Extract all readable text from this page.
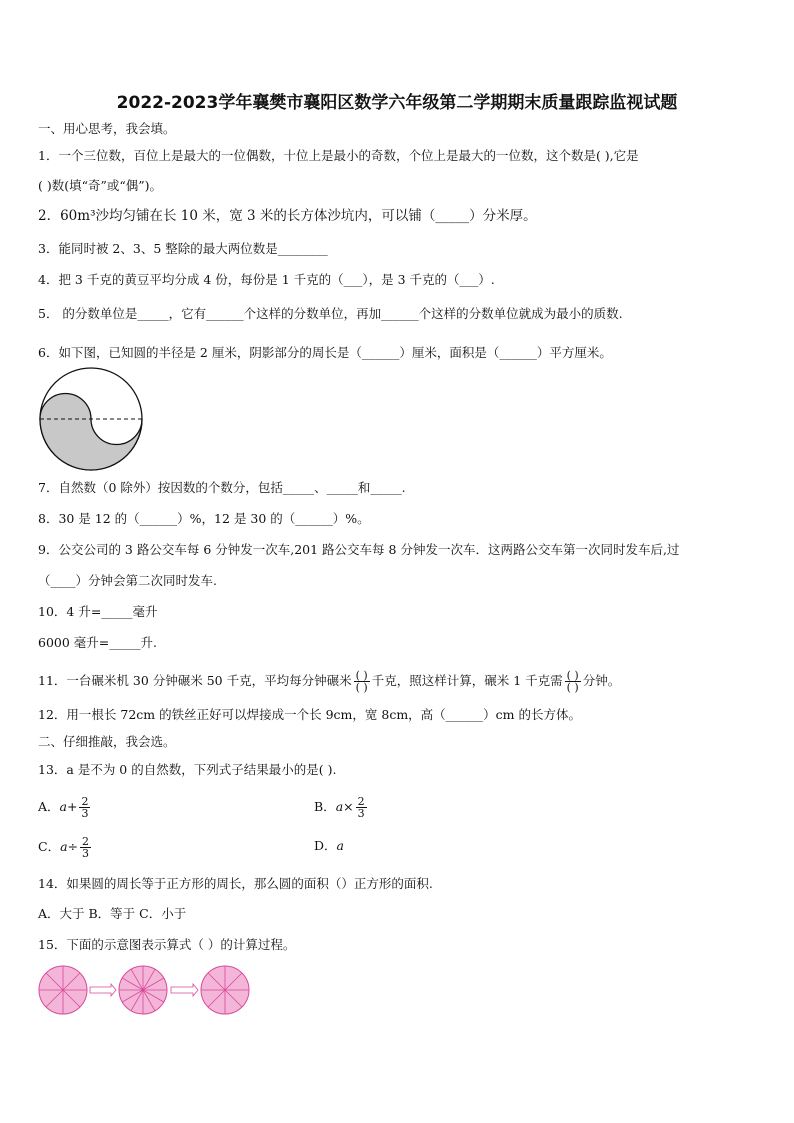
2022-2023学年襄樊市襄阳区数学六年级第二学期期末质量跟踪监视试题
一、用心思考，我会填。
1．一个三位数，百位上是最大的一位偶数，十位上是最小的奇数，个位上是最大的一位数，这个数是( ),它是
( )数(填“奇”或“偶”)。
2．60m³沙均匀铺在长 10 米，宽 3 米的长方体沙坑内，可以铺（_____）分米厚。
3．能同时被 2、3、5 整除的最大两位数是________
4．把 3 千克的黄豆平均分成 4 份，每份是 1 千克的（___），是 3 千克的（___）.
5． 的分数单位是_____，它有______个这样的分数单位，再加______个这样的分数单位就成为最小的质数.
6．如下图，已知圆的半径是 2 厘米，阴影部分的周长是（______）厘米，面积是（______）平方厘米。
7．自然数（0 除外）按因数的个数分，包括_____、_____和_____.
8．30 是 12 的（______）%，12 是 30 的（______）%。
9．公交公司的 3 路公交车每 6 分钟发一次车,201 路公交车每 8 分钟发一次车．这两路公交车第一次同时发车后,过
（____）分钟会第二次同时发车.
10．4 升=_____毫升
6000 毫升=_____升.
11．一台碾米机 30 分钟碾米 50 千克，平均每分钟碾米 $\frac{( )}{( )}$ 千克，照这样计算，碾米 1 千克需 $\frac{( )}{( )}$ 分钟。
12．用一根长 72cm 的铁丝正好可以焊接成一个长 9cm，宽 8cm，高（______）cm 的长方体。
二、仔细推敲，我会选。
13．a 是不为 0 的自然数，下列式子结果最小的是( ).
A．$a+ \frac{2}{3}$	B．$a\times \frac{2}{3}$
C．$a\div \frac{2}{3}$	D．a
14．如果圆的周长等于正方形的周长，那么圆的面积（）正方形的面积.
A．大于 B．等于 C．小于
15．下面的示意图表示算式（ ）的计算过程。
